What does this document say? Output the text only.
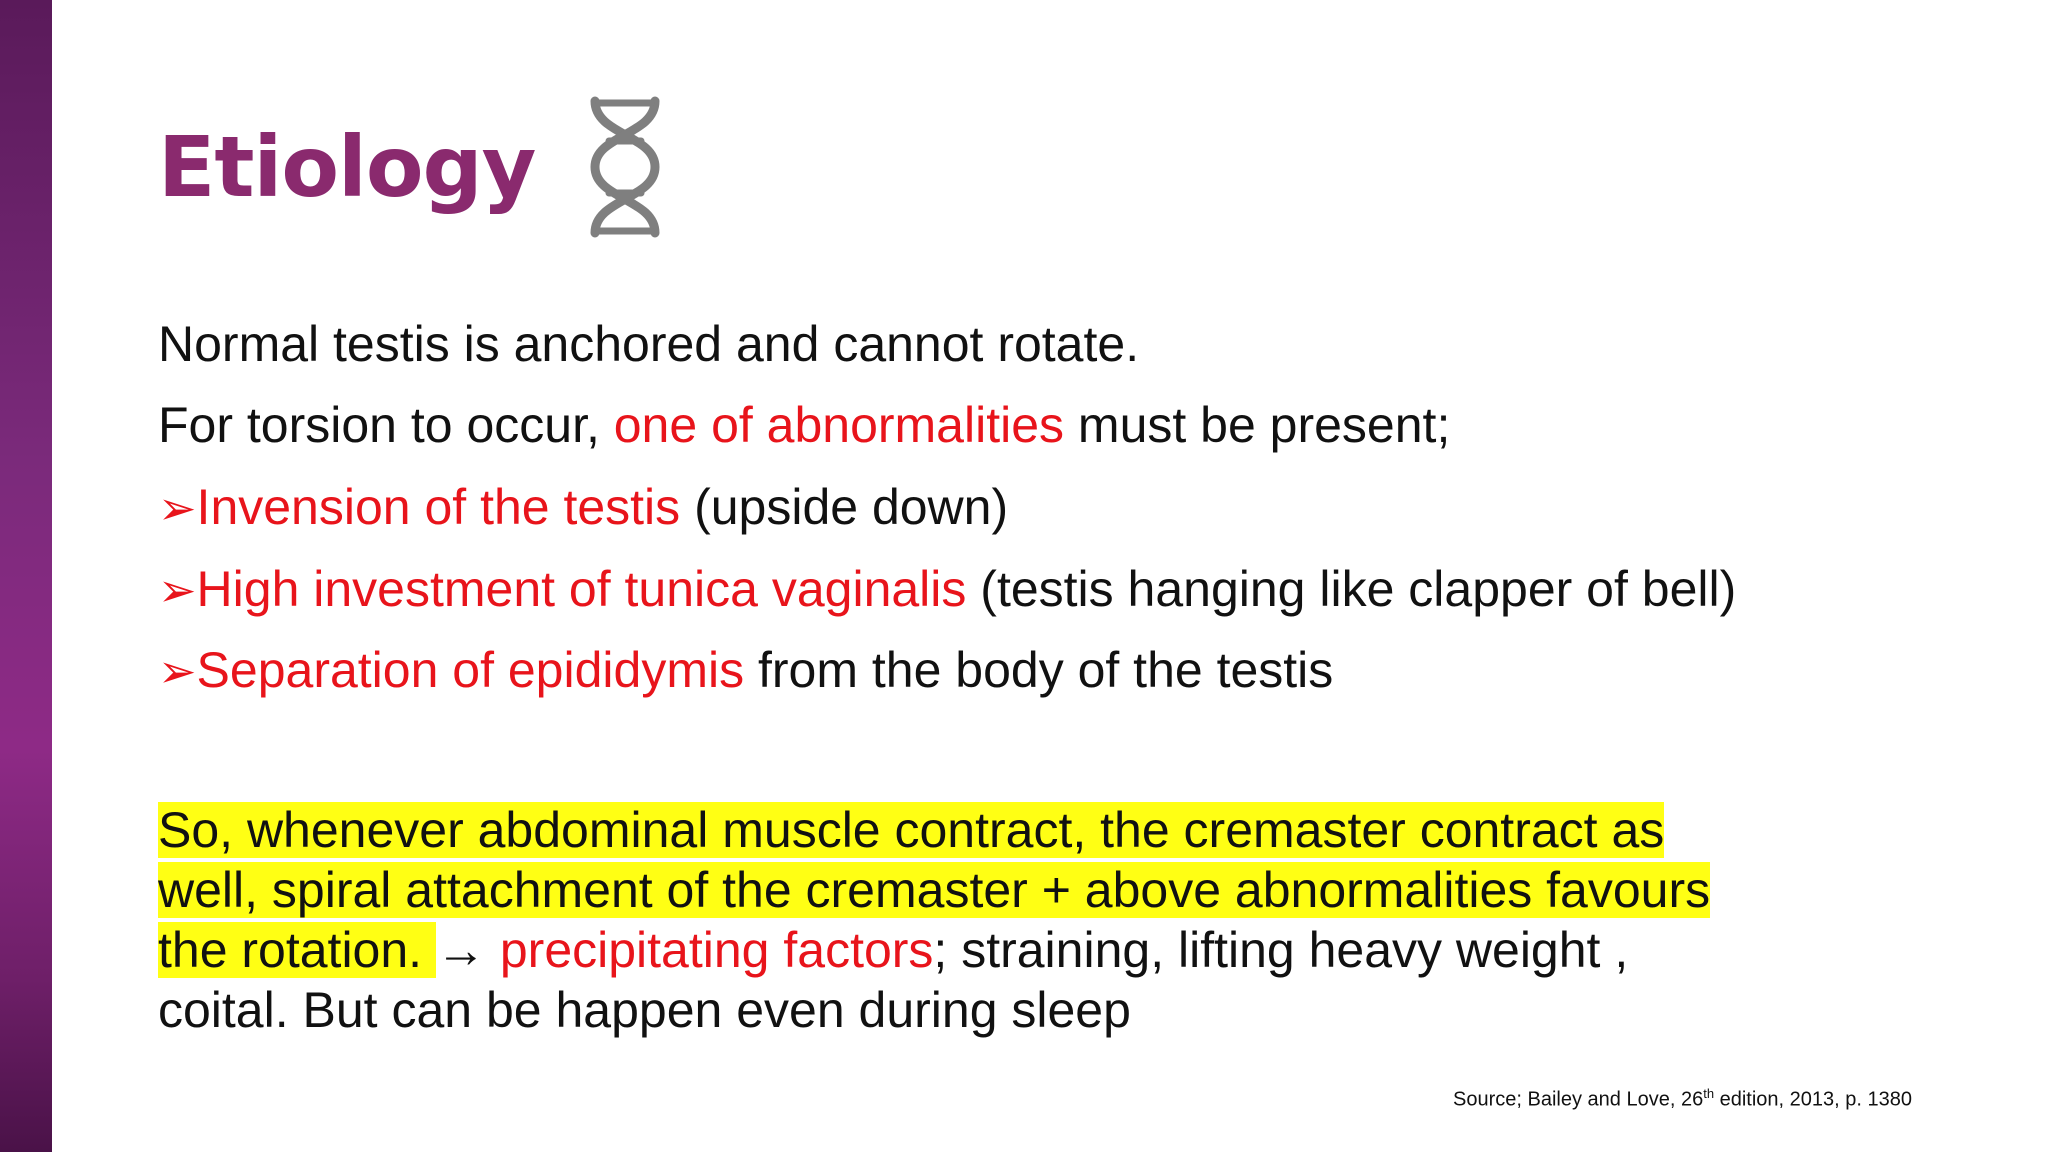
Etiology
Normal testis is anchored and cannot rotate.
For torsion to occur, one of abnormalities must be present;
➢Invension of the testis (upside down)
➢High investment of tunica vaginalis (testis hanging like clapper of bell)
➢Separation of epididymis from the body of the testis
So, whenever abdominal muscle contract, the cremaster contract as
well, spiral attachment of the cremaster + above abnormalities favours
the rotation. → precipitating factors; straining, lifting heavy weight ,
coital. But can be happen even during sleep
Source; Bailey and Love, 26th edition, 2013, p. 1380
